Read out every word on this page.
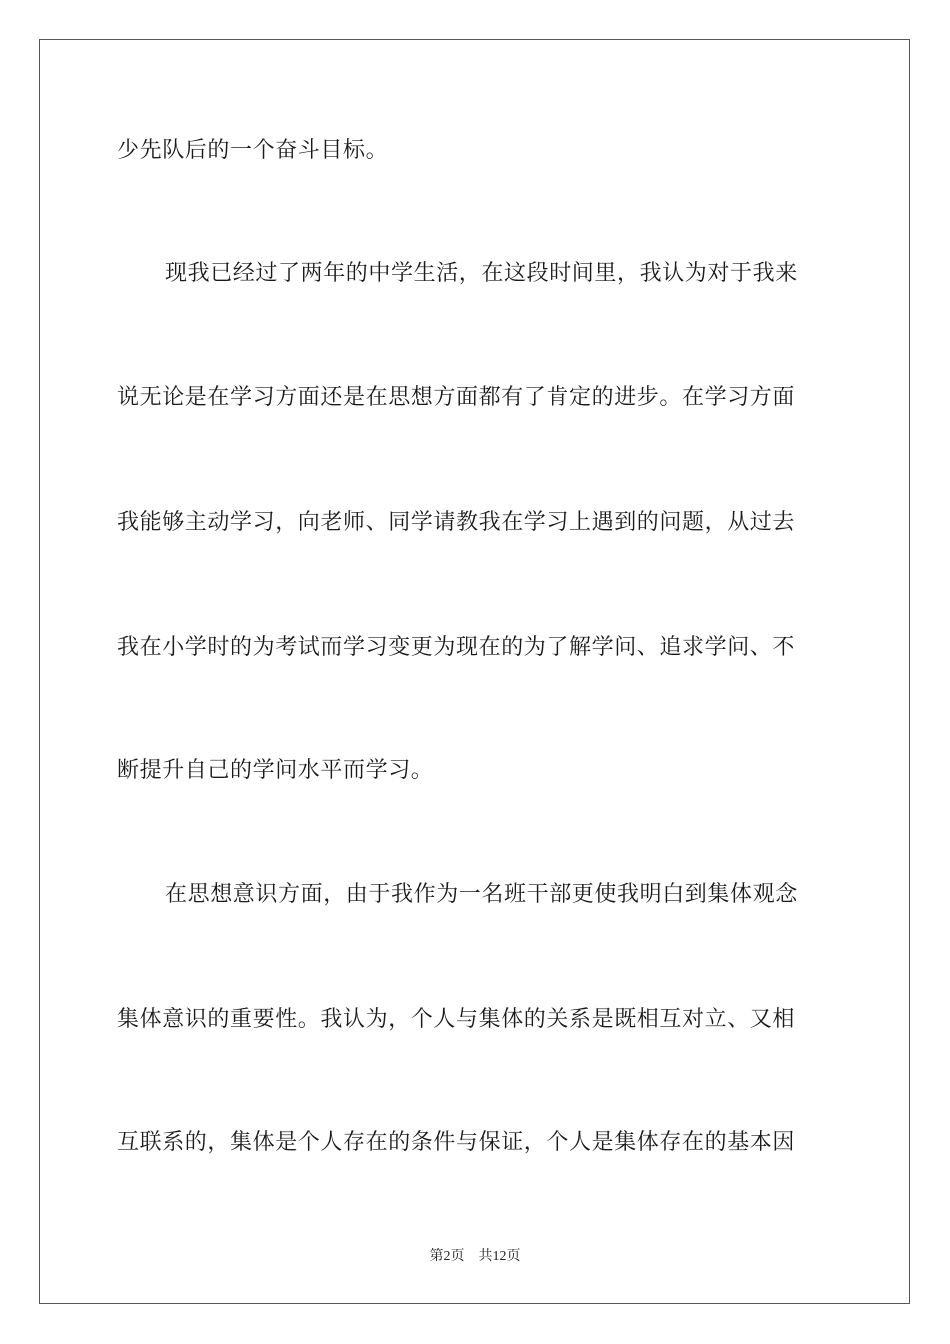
少先队后的一个奋斗目标。
现我已经过了两年的中学生活，在这段时间里，我认为对于我来
说无论是在学习方面还是在思想方面都有了肯定的进步。在学习方面
我能够主动学习，向老师、同学请教我在学习上遇到的问题，从过去
我在小学时的为考试而学习变更为现在的为了解学问、追求学问、不
断提升自己的学问水平而学习。
在思想意识方面，由于我作为一名班干部更使我明白到集体观念
集体意识的重要性。我认为，个人与集体的关系是既相互对立、又相
互联系的，集体是个人存在的条件与保证，个人是集体存在的基本因
第2页 共12页
